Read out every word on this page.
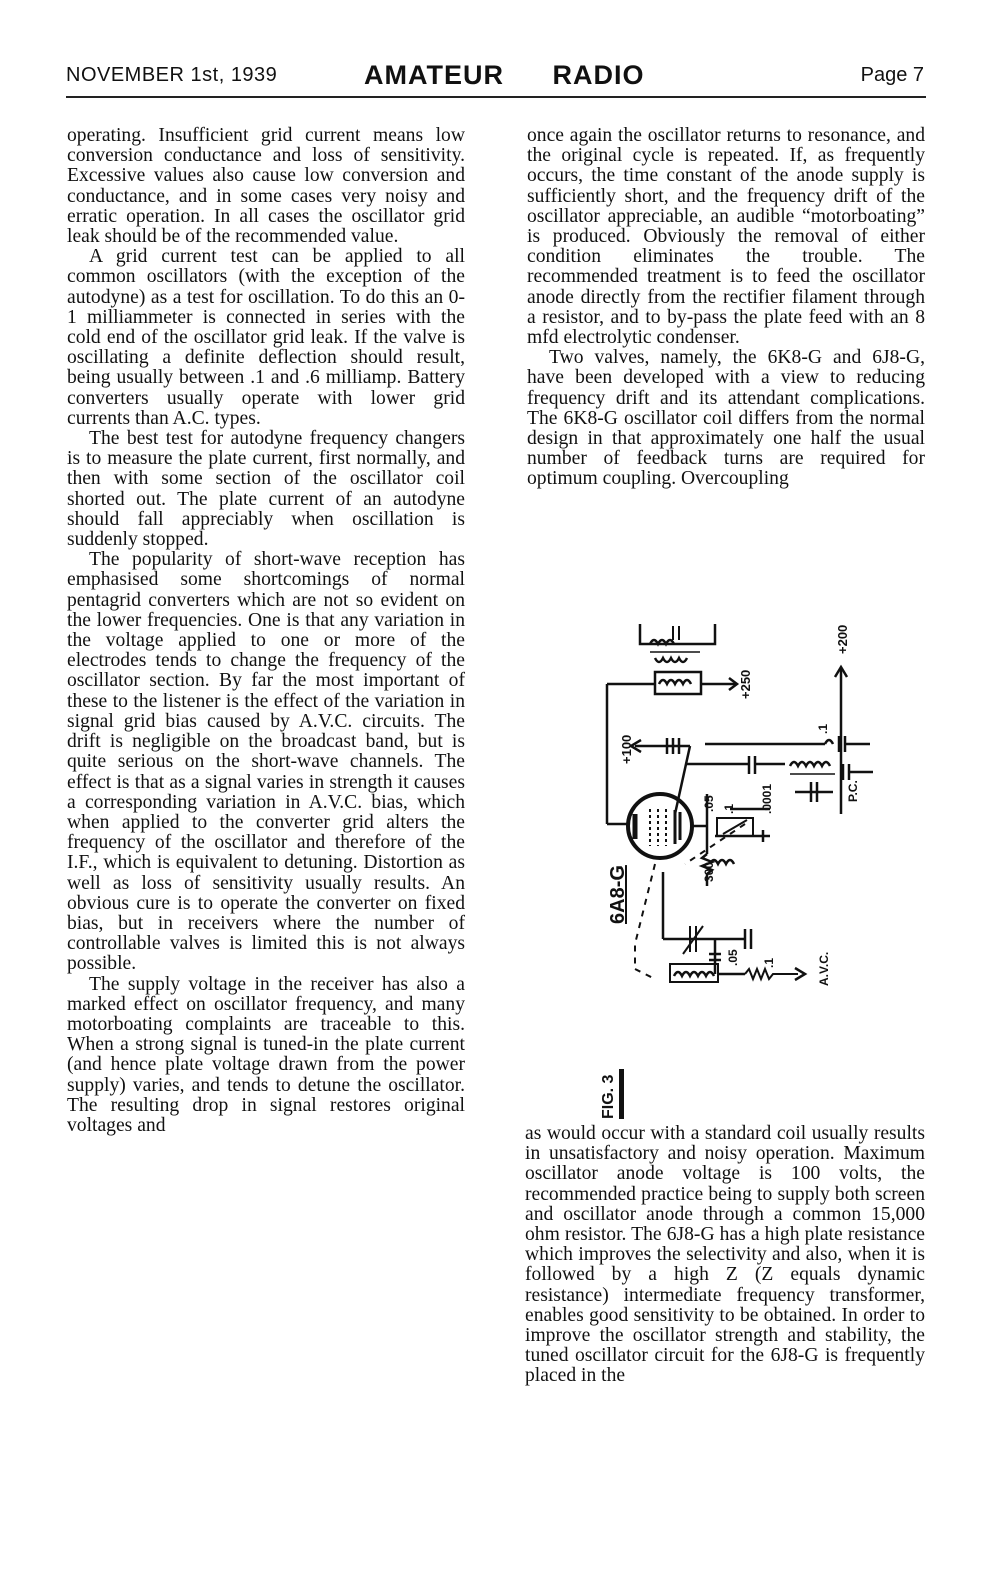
NOVEMBER 1st, 1939	AMATEUR RADIO	Page 7

operating. Insufficient grid current means low conversion conductance and loss of sensitivity. Excessive values also cause low conversion and conductance, and in some cases very noisy and erratic operation. In all cases the oscillator grid leak should be of the recommended value.

A grid current test can be applied to all common oscillators (with the exception of the autodyne) as a test for oscillation. To do this an 0-1 milliammeter is connected in series with the cold end of the oscillator grid leak. If the valve is oscillating a definite deflection should result, being usually between .1 and .6 milliamp. Battery converters usually operate with lower grid currents than A.C. types.

The best test for autodyne frequency changers is to measure the plate current, first normally, and then with some section of the oscillator coil shorted out. The plate current of an autodyne should fall appreciably when oscillation is suddenly stopped.

The popularity of short-wave reception has emphasised some shortcomings of normal pentagrid converters which are not so evident on the lower frequencies. One is that any variation in the voltage applied to one or more of the electrodes tends to change the frequency of the oscillator section. By far the most important of these to the listener is the effect of the variation in signal grid bias caused by A.V.C. circuits. The drift is negligible on the broadcast band, but is quite serious on the short-wave channels. The effect is that as a signal varies in strength it causes a corresponding variation in A.V.C. bias, which when applied to the converter grid alters the frequency of the oscillator and therefore of the I.F., which is equivalent to detuning. Distortion as well as loss of sensitivity usually results. An obvious cure is to operate the converter on fixed bias, but in receivers where the number of controllable valves is limited this is not always possible.

The supply voltage in the receiver has also a marked effect on oscillator frequency, and many motorboating complaints are traceable to this. When a strong signal is tuned-in the plate current (and hence plate voltage drawn from the power supply) varies, and tends to detune the oscillator. The resulting drop in signal restores original voltages and

once again the oscillator returns to resonance, and the original cycle is repeated. If, as frequently occurs, the time constant of the anode supply is sufficiently short, and the frequency drift of the oscillator appreciable, an audible “motorboating” is produced. Obviously the removal of either condition eliminates the trouble. The recommended treatment is to feed the oscillator anode directly from the rectifier filament through a resistor, and to by-pass the plate feed with an 8 mfd electrolytic condenser.

Two valves, namely, the 6K8-G and 6J8-G, have been developed with a view to reducing frequency drift and its attendant complications. The 6K8-G oscillator coil differs from the normal design in that approximately one half the usual number of feedback turns are required for optimum coupling. Overcoupling

+200
+250
+100
.1
.0001
.05 .1
P.C.
300
.05 .1	A.V.C.
6A8-G
FIG. 3

as would occur with a standard coil usually results in unsatisfactory and noisy operation. Maximum oscillator anode voltage is 100 volts, the recommended practice being to supply both screen and oscillator anode through a common 15,000 ohm resistor. The 6J8-G has a high plate resistance which improves the selectivity and also, when it is followed by a high Z (Z equals dynamic resistance) intermediate frequency transformer, enables good sensitivity to be obtained. In order to improve the oscillator strength and stability, the tuned oscillator circuit for the 6J8-G is frequently placed in the
